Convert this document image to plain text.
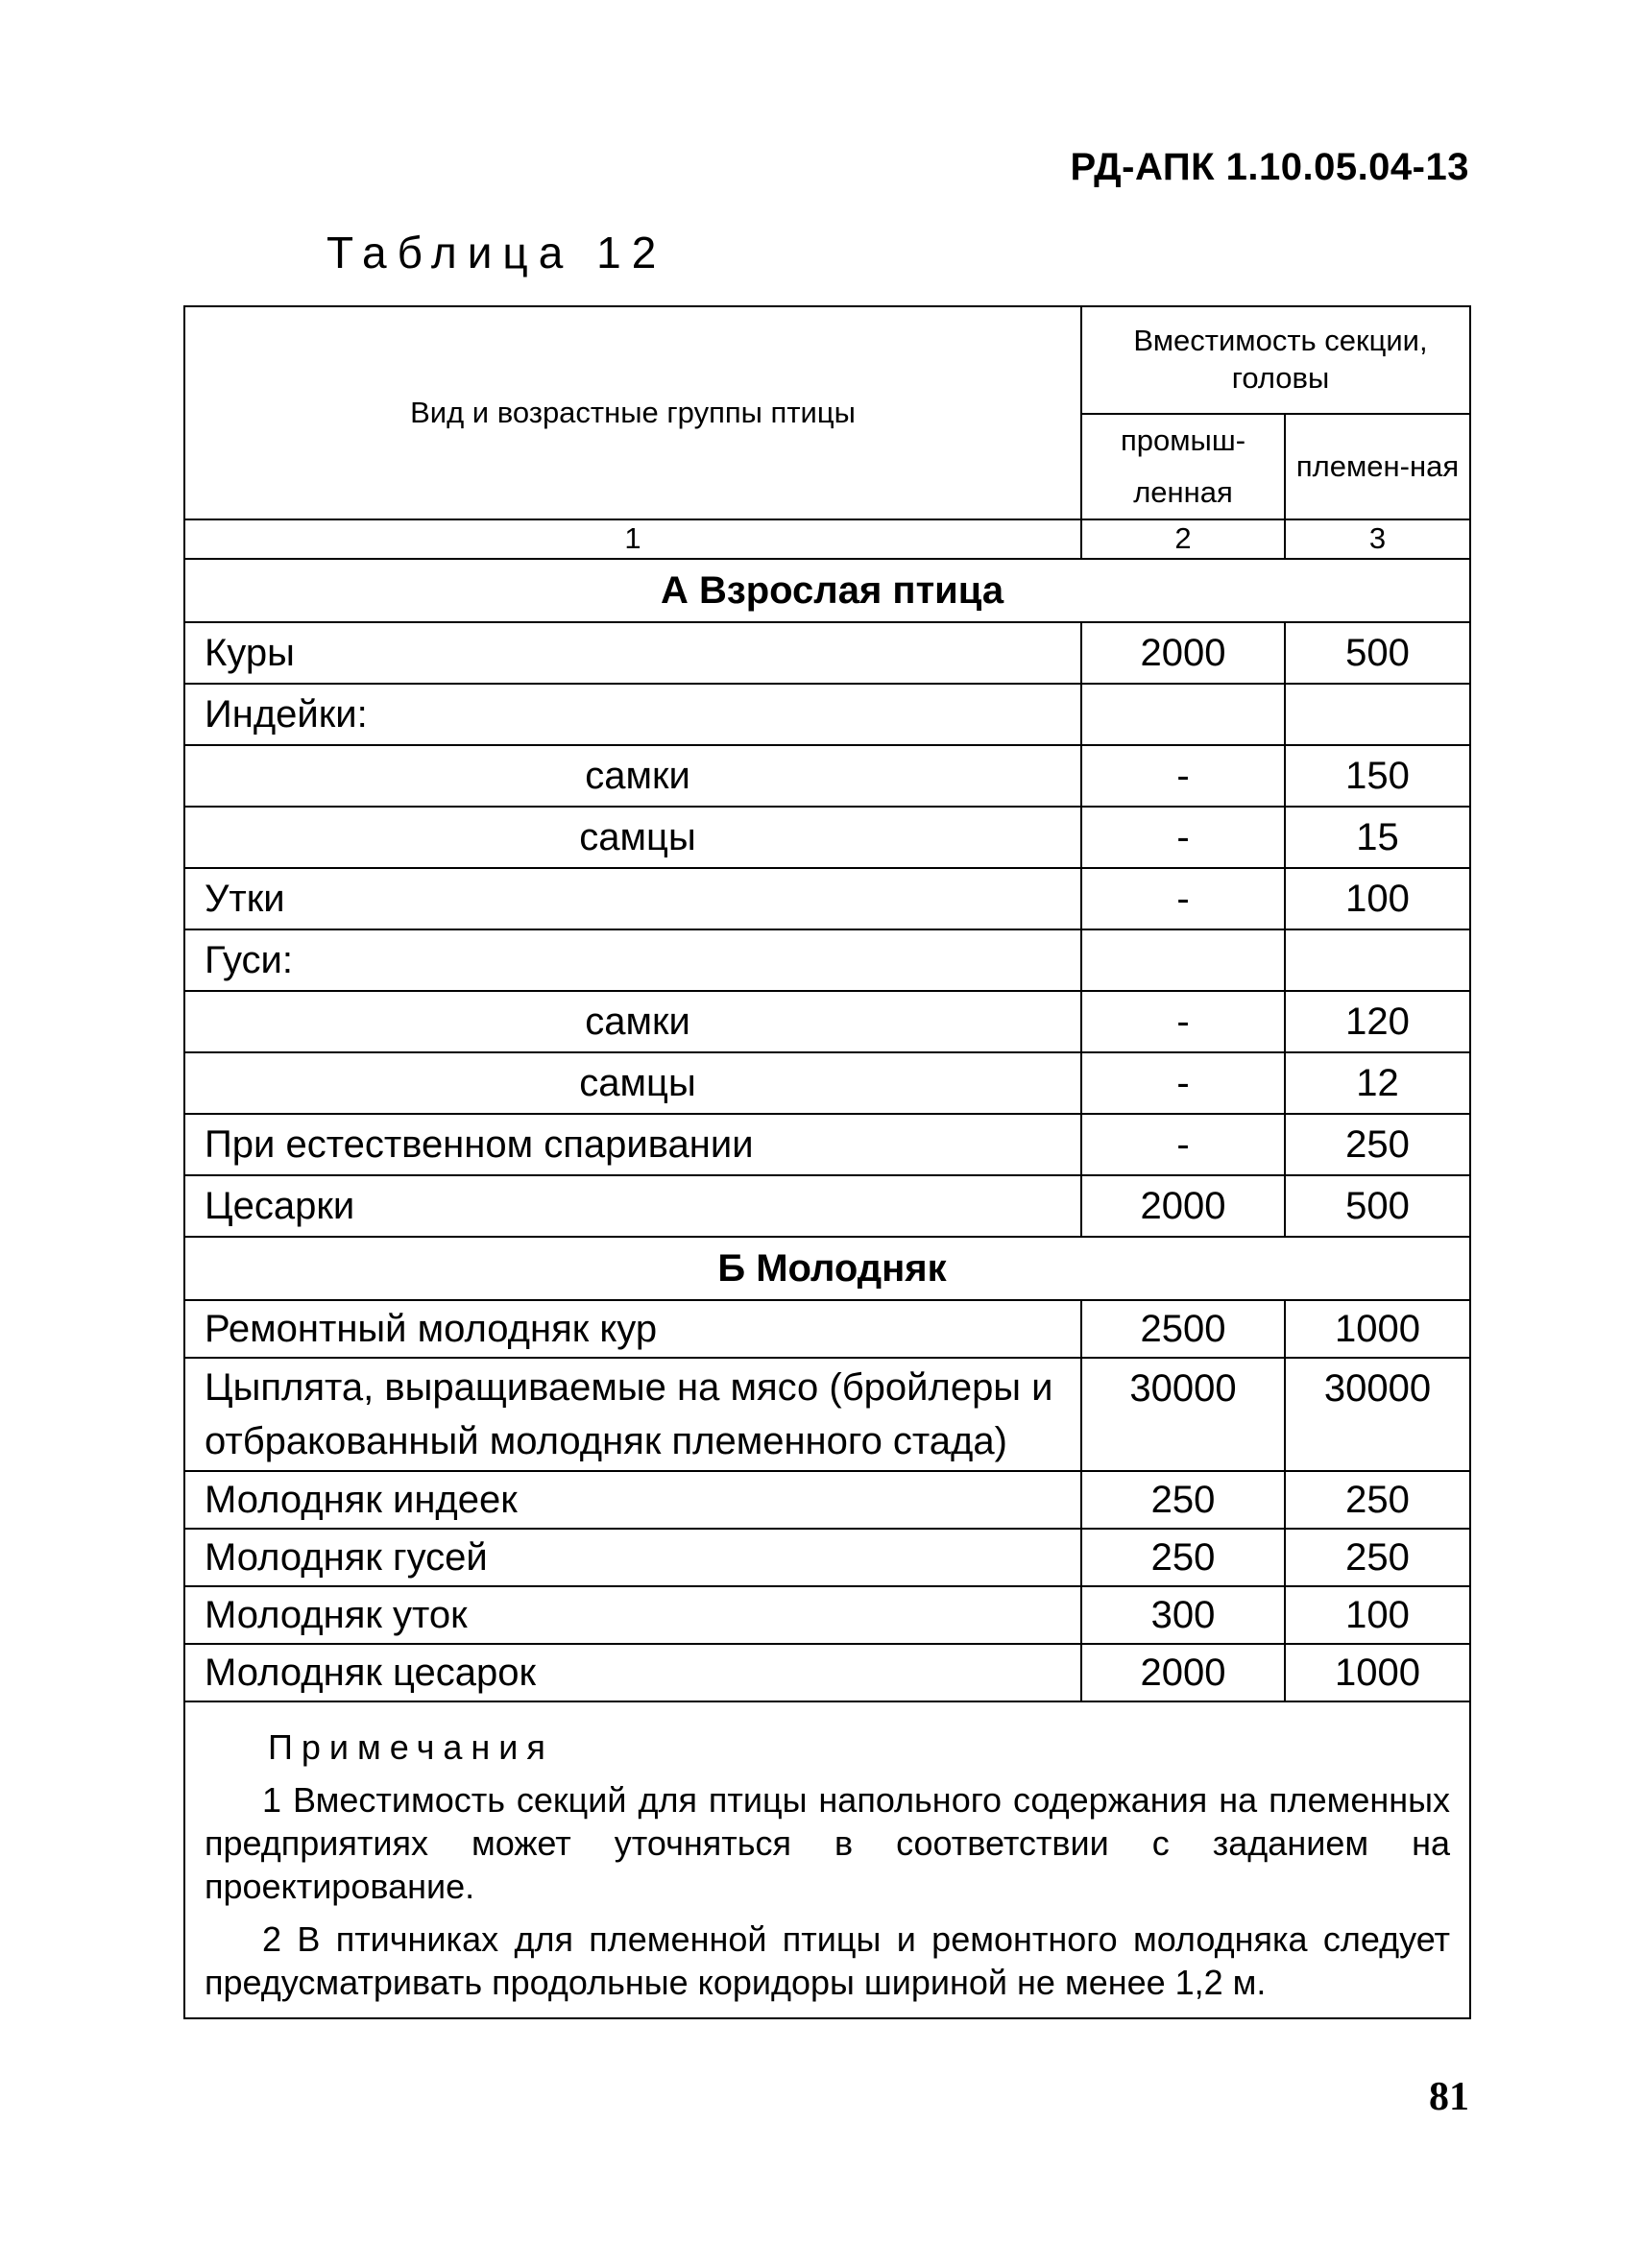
РД-АПК 1.10.05.04-13
Таблица 12
Вид и возрастные группы птицы	Вместимость секции, головы	
	промыш-ленная	племен-ная
1	2	3
А Взрослая птица		
Куры	2000	500
Индейки:		
самки	-	150
самцы	-	15
Утки	-	100
Гуси:		
самки	-	120
самцы	-	12
При естественном спаривании	-	250
Цесарки	2000	500
Б Молодняк		
Ремонтный молодняк кур	2500	1000
Цыплята, выращиваемые на мясо (бройлеры и отбракованный молодняк племенного стада)	30000	30000
Молодняк индеек	250	250
Молодняк гусей	250	250
Молодняк уток	300	100
Молодняк цесарок	2000	1000

Примечания

1 Вместимость секций для птицы напольного содержания на племенных предприятиях может уточняться в соответствии с заданием на проектирование.

2 В птичниках для племенной птицы и ремонтного молодняка следует предусматривать продольные коридоры шириной не менее 1,2 м.		

81
